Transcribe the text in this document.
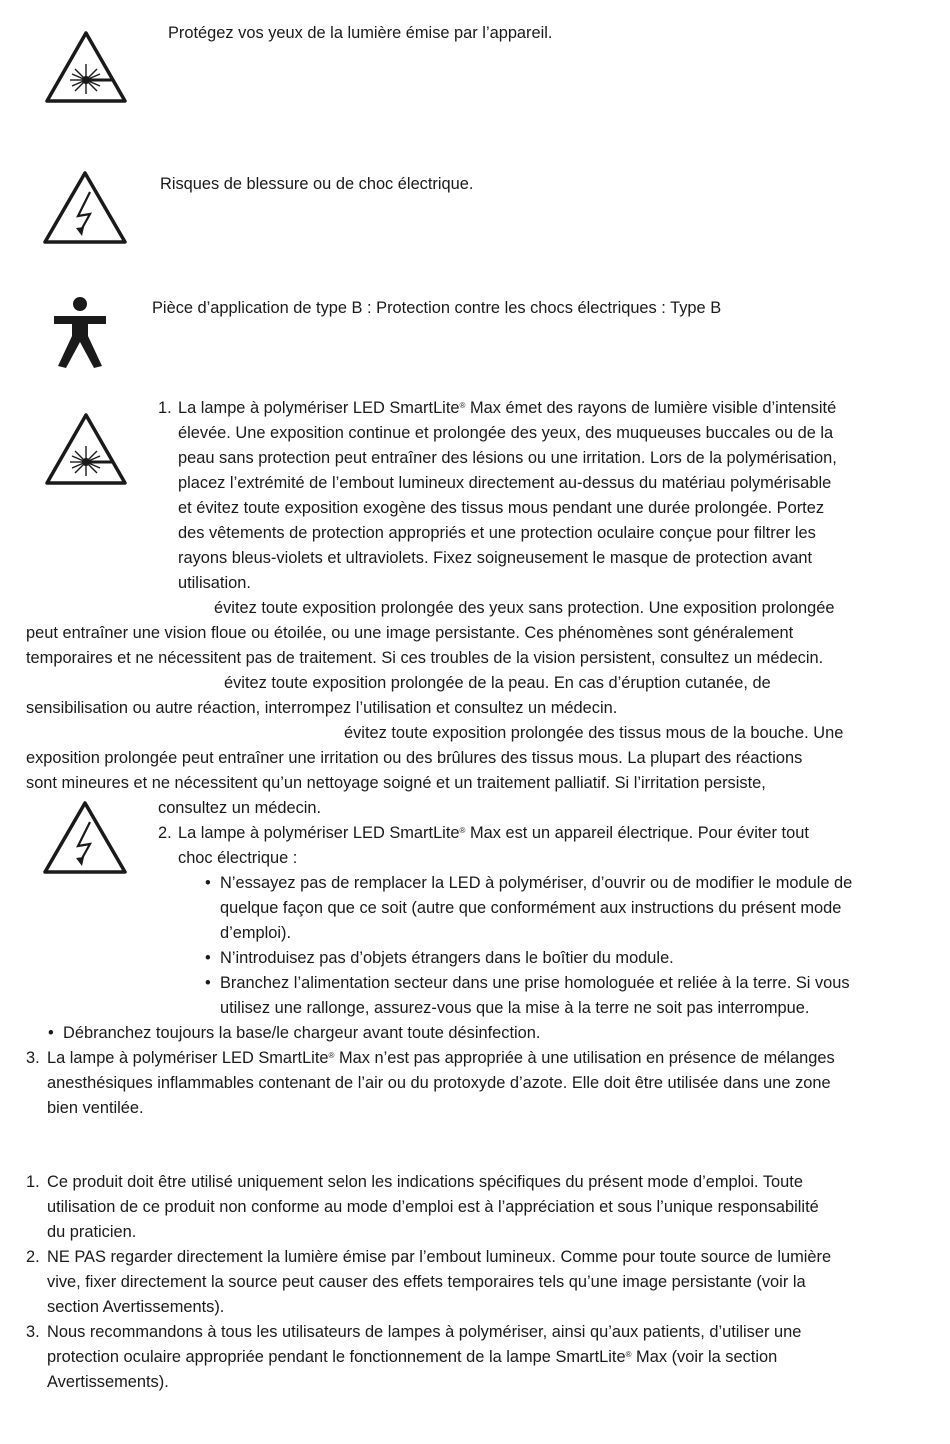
Protégez vos yeux de la lumière émise par l’appareil.
Risques de blessure ou de choc électrique.
Pièce d’application de type B : Protection contre les chocs électriques : Type B
1. La lampe à polymériser LED SmartLite® Max émet des rayons de lumière visible d’intensité
élevée. Une exposition continue et prolongée des yeux, des muqueuses buccales ou de la
peau sans protection peut entraîner des lésions ou une irritation. Lors de la polymérisation,
placez l’extrémité de l’embout lumineux directement au-dessus du matériau polymérisable
et évitez toute exposition exogène des tissus mous pendant une durée prolongée. Portez
des vêtements de protection appropriés et une protection oculaire conçue pour filtrer les
rayons bleus-violets et ultraviolets. Fixez soigneusement le masque de protection avant
utilisation.
évitez toute exposition prolongée des yeux sans protection. Une exposition prolongée
peut entraîner une vision floue ou étoilée, ou une image persistante. Ces phénomènes sont généralement
temporaires et ne nécessitent pas de traitement. Si ces troubles de la vision persistent, consultez un médecin.
évitez toute exposition prolongée de la peau. En cas d’éruption cutanée, de
sensibilisation ou autre réaction, interrompez l’utilisation et consultez un médecin.
évitez toute exposition prolongée des tissus mous de la bouche. Une
exposition prolongée peut entraîner une irritation ou des brûlures des tissus mous. La plupart des réactions
sont mineures et ne nécessitent qu’un nettoyage soigné et un traitement palliatif. Si l’irritation persiste,
consultez un médecin.
2. La lampe à polymériser LED SmartLite® Max est un appareil électrique. Pour éviter tout
choc électrique :
• N’essayez pas de remplacer la LED à polymériser, d’ouvrir ou de modifier le module de
quelque façon que ce soit (autre que conformément aux instructions du présent mode
d’emploi).
• N’introduisez pas d’objets étrangers dans le boîtier du module.
• Branchez l’alimentation secteur dans une prise homologuée et reliée à la terre. Si vous
utilisez une rallonge, assurez-vous que la mise à la terre ne soit pas interrompue.
• Débranchez toujours la base/le chargeur avant toute désinfection.
3. La lampe à polymériser LED SmartLite® Max n’est pas appropriée à une utilisation en présence de mélanges
anesthésiques inflammables contenant de l’air ou du protoxyde d’azote. Elle doit être utilisée dans une zone
bien ventilée.
1. Ce produit doit être utilisé uniquement selon les indications spécifiques du présent mode d’emploi. Toute
utilisation de ce produit non conforme au mode d’emploi est à l’appréciation et sous l’unique responsabilité
du praticien.
2. NE PAS regarder directement la lumière émise par l’embout lumineux. Comme pour toute source de lumière
vive, fixer directement la source peut causer des effets temporaires tels qu’une image persistante (voir la
section Avertissements).
3. Nous recommandons à tous les utilisateurs de lampes à polymériser, ainsi qu’aux patients, d’utiliser une
protection oculaire appropriée pendant le fonctionnement de la lampe SmartLite® Max (voir la section
Avertissements).
